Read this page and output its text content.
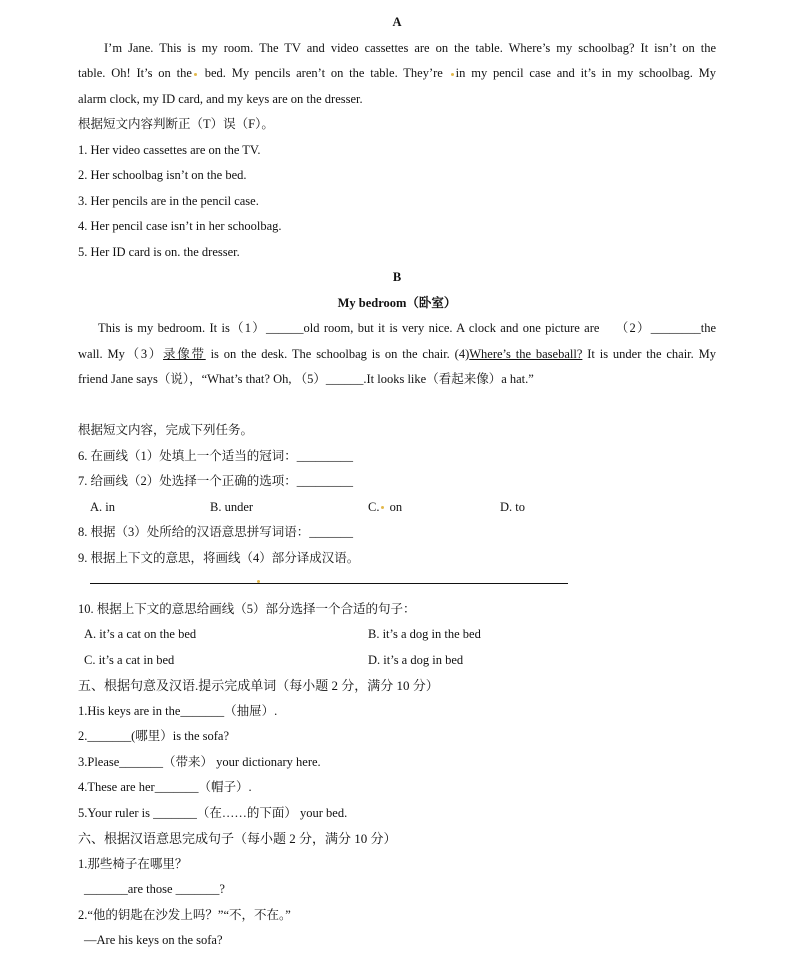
A
I’m Jane. This is my room. The TV and video cassettes are on the table. Where’s my schoolbag? It isn’t on the
table. Oh! It’s on the bed. My pencils aren’t on the table. They’re in my pencil case and it’s in my schoolbag. My
alarm clock, my ID card, and my keys are on the dresser.
根据短文内容判断正（T）误（F）。
1. Her video cassettes are on the TV.
2. Her schoolbag isn’t on the bed.
3. Her pencils are in the pencil case.
4. Her pencil case isn’t in her schoolbag.
5. Her ID card is on. the dresser.
B
My bedroom（卧室）
This is my bedroom. It is（1）______old room, but it is very nice. A clock and one picture are （2）________the
wall. My（3）录像带 is on the desk. The schoolbag is on the chair. (4)Where’s the baseball? It is under the chair. My
friend Jane says（说），“What’s that? Oh, （5）______.It looks like（看起来像）a hat.”
根据短文内容，完成下列任务。
6. 在画线（1）处填上一个适当的冠词：_________
7. 给画线（2）处选择一个正确的选项：_________
A. in	B. under	C. on	D. to
8. 根据（3）处所给的汉语意思拼写词语：_______
9. 根据上下文的意思，将画线（4）部分译成汉语。
10. 根据上下文的意思给画线（5）部分选择一个合适的句子：
A. it’s a cat on the bed	B. it’s a dog in the bed
C. it’s a cat in bed	D. it’s a dog in bed
五、根据句意及汉语.提示完成单词（每小题 2 分，满分 10 分）
1.His keys are in the_______（抽屉）.
2._______(哪里）is the sofa?
3.Please_______（带来） your dictionary here.
4.These are her_______（帽子）.
5.Your ruler is _______（在……的下面） your bed.
六、根据汉语意思完成句子（每小题 2 分，满分 10 分）
1.那些椅子在哪里？
_______are those _______?
2.“他的钥匙在沙发上吗？”“不，不在。”
—Are his keys on the sofa?
